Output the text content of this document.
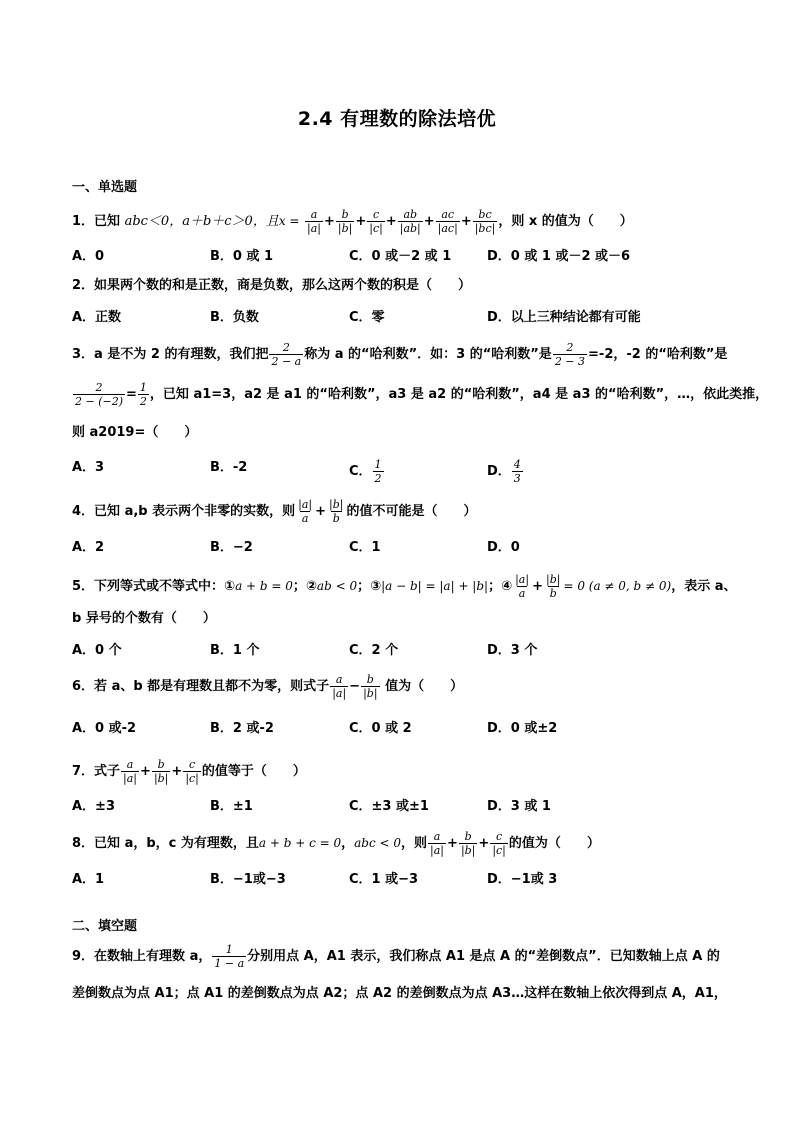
2.4 有理数的除法培优
一、单选题
1．已知 abc＜0，a＋b＋c＞0，且$x = \frac{a}{|a|} + \frac{b}{|b|} + \frac{c}{|c|} + \frac{ab}{|ab|} + \frac{ac}{|ac|} + \frac{bc}{|bc|}$ ，则 x 的值为（　　）
A．0	B．0 或 1	C．0 或－2 或 1	D．0 或 1 或－2 或－6
2．如果两个数的和是正数，商是负数，那么这两个数的积是（　　）
A．正数	B．负数	C．零	D．以上三种结论都有可能
3．a 是不为 2 的有理数，我们把 $\frac{2}{2 - a}$ 称为 a 的“哈利数”．如：3 的“哈利数”是 $\frac{2}{2 - 3} =-2$，-2 的“哈利数”是
$\frac{2}{2 - (-2)} = \frac{1}{2}$ ，已知 a1=3，a2 是 a1 的“哈利数”，a3 是 a2 的“哈利数”，a4 是 a3 的“哈利数”，…，依此类推，
则 a2019=（　　）
A．3	B．-2	C． $\frac{1}{2}$	D． $\frac{4}{3}$
4．已知 a,b 表示两个非零的实数，则 $\frac{|a|}{a} + \frac{|b|}{b}$ 的值不可能是（　　）
A．2	B．−2	C．1	D．0
5．下列等式或不等式中：①a + b = 0；②ab < 0；③|a − b| = |a| + |b|；④ $\frac{|a|}{a} + \frac{|b|}{b} = 0$ (a ≠ 0, b ≠ 0)，表示 a、
b 异号的个数有（　　）
A．0 个	B．1 个	C．2 个	D．3 个
6．若 a、b 都是有理数且都不为零，则式子 $\frac{a}{|a|} - \frac{b}{|b|}$ 值为（　　）
A．0 或-2	B．2 或-2	C．0 或 2	D．0 或±2
7．式子 $\frac{a}{|a|} + \frac{b}{|b|} + \frac{c}{|c|}$ 的值等于（　　）
A．±3	B．±1	C．±3 或±1	D．3 或 1
8．已知 a，b，c 为有理数，且a + b + c = 0，abc < 0，则 $\frac{a}{|a|} + \frac{b}{|b|} + \frac{c}{|c|}$ 的值为（　　）
A．1	B．−1或−3	C．1 或−3	D．−1或 3
二、填空题
9．在数轴上有理数 a， $\frac{1}{1 - a}$ 分别用点 A，A1 表示，我们称点 A1 是点 A 的“差倒数点”．已知数轴上点 A 的
差倒数点为点 A1；点 A1 的差倒数点为点 A2；点 A2 的差倒数点为点 A3…这样在数轴上依次得到点 A，A1，
